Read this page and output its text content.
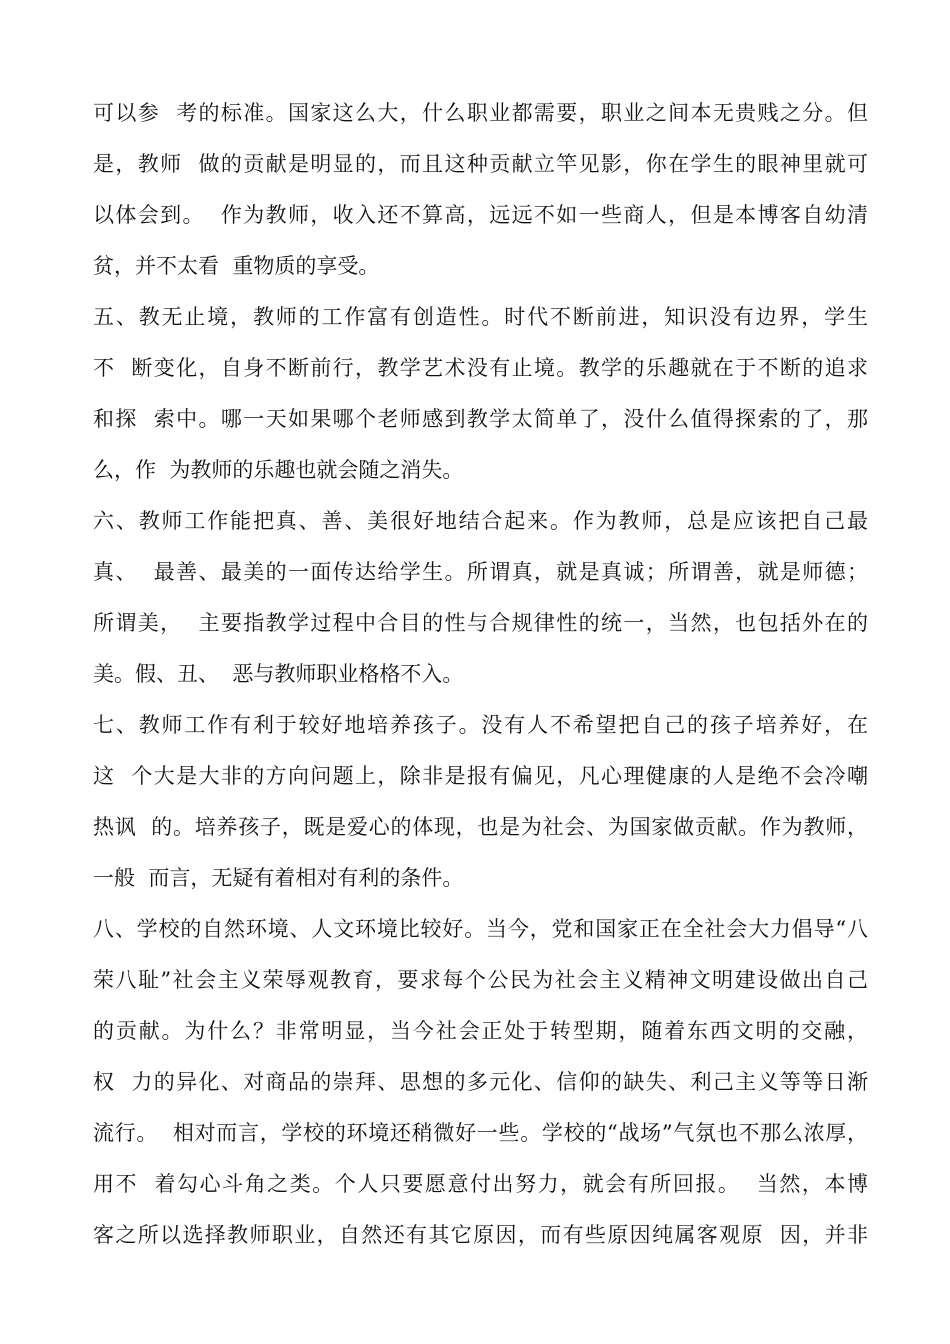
可以参  考的标准。国家这么大，什么职业都需要，职业之间本无贵贱之分。但
是，教师  做的贡献是明显的，而且这种贡献立竿见影，你在学生的眼神里就可
以体会到。  作为教师，收入还不算高，远远不如一些商人，但是本博客自幼清
贫，并不太看  重物质的享受。
五、教无止境，教师的工作富有创造性。时代不断前进，知识没有边界，学生
不  断变化，自身不断前行，教学艺术没有止境。教学的乐趣就在于不断的追求
和探  索中。哪一天如果哪个老师感到教学太简单了，没什么值得探索的了，那
么，作  为教师的乐趣也就会随之消失。
六、教师工作能把真、善、美很好地结合起来。作为教师，总是应该把自己最
真、  最善、最美的一面传达给学生。所谓真，就是真诚；所谓善，就是师德；
所谓美，  主要指教学过程中合目的性与合规律性的统一，当然，也包括外在的
美。假、丑、  恶与教师职业格格不入。
七、教师工作有利于较好地培养孩子。没有人不希望把自己的孩子培养好，在
这  个大是大非的方向问题上，除非是报有偏见，凡心理健康的人是绝不会冷嘲
热讽  的。培养孩子，既是爱心的体现，也是为社会、为国家做贡献。作为教师，
一般  而言，无疑有着相对有利的条件。
八、学校的自然环境、人文环境比较好。当今，党和国家正在全社会大力倡导“八
荣八耻”社会主义荣辱观教育，要求每个公民为社会主义精神文明建设做出自己
的贡献。为什么？非常明显，当今社会正处于转型期，随着东西文明的交融，
权  力的异化、对商品的崇拜、思想的多元化、信仰的缺失、利己主义等等日渐
流行。  相对而言，学校的环境还稍微好一些。学校的“战场”气氛也不那么浓厚，
用不  着勾心斗角之类。个人只要愿意付出努力，就会有所回报。  当然，本博
客之所以选择教师职业，自然还有其它原因，而有些原因纯属客观原  因，并非
